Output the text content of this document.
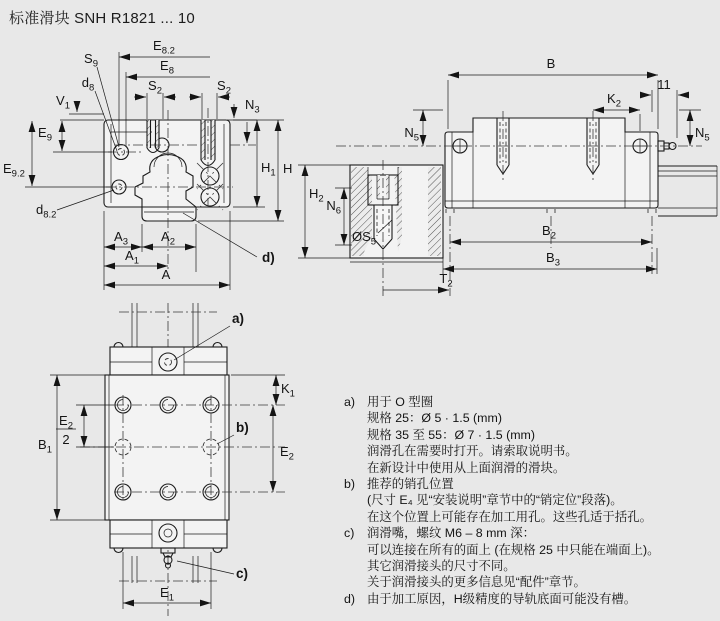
标准滑块 SNH R1821 ... 10
$E_{8.2}$
$E_8$
$S_9$
$d_8$	$S_2$	$S_2$
$N_3$
$V_1$
$E_9$
$E_{9.2}$
$d_{8.2}$
$A_3$	$A_2$
$A_1$
A
$H_1$ H
d)
B
$K_2$
11
$N_5$	$N_5$
$H_2$ $N_6$
$ØS_5$
$B_2$
$B_3$
$T_2$
$B_1$
$E_2$
2
$K_1$
$E_2$
$E_1$
a)
b)
c)
a) 用于 O 型圈
规格 25：Ø 5 · 1.5 (mm)
规格 35 至 55：Ø 7 · 1.5 (mm)
润滑孔在需要时打开。请索取说明书。
在新设计中使用从上面润滑的滑块。
b) 推荐的销孔位置
(尺寸 E₄ 见“安装说明”章节中的“销定位”段落)。
在这个位置上可能存在加工用孔。这些孔适于括孔。
c)	润滑嘴，螺纹 M6 – 8 mm 深：
可以连接在所有的面上 (在规格 25 中只能在端面上)。
其它润滑接头的尺寸不同。
关于润滑接头的更多信息见“配件”章节。
d) 由于加工原因，H级精度的导轨底面可能没有槽。
